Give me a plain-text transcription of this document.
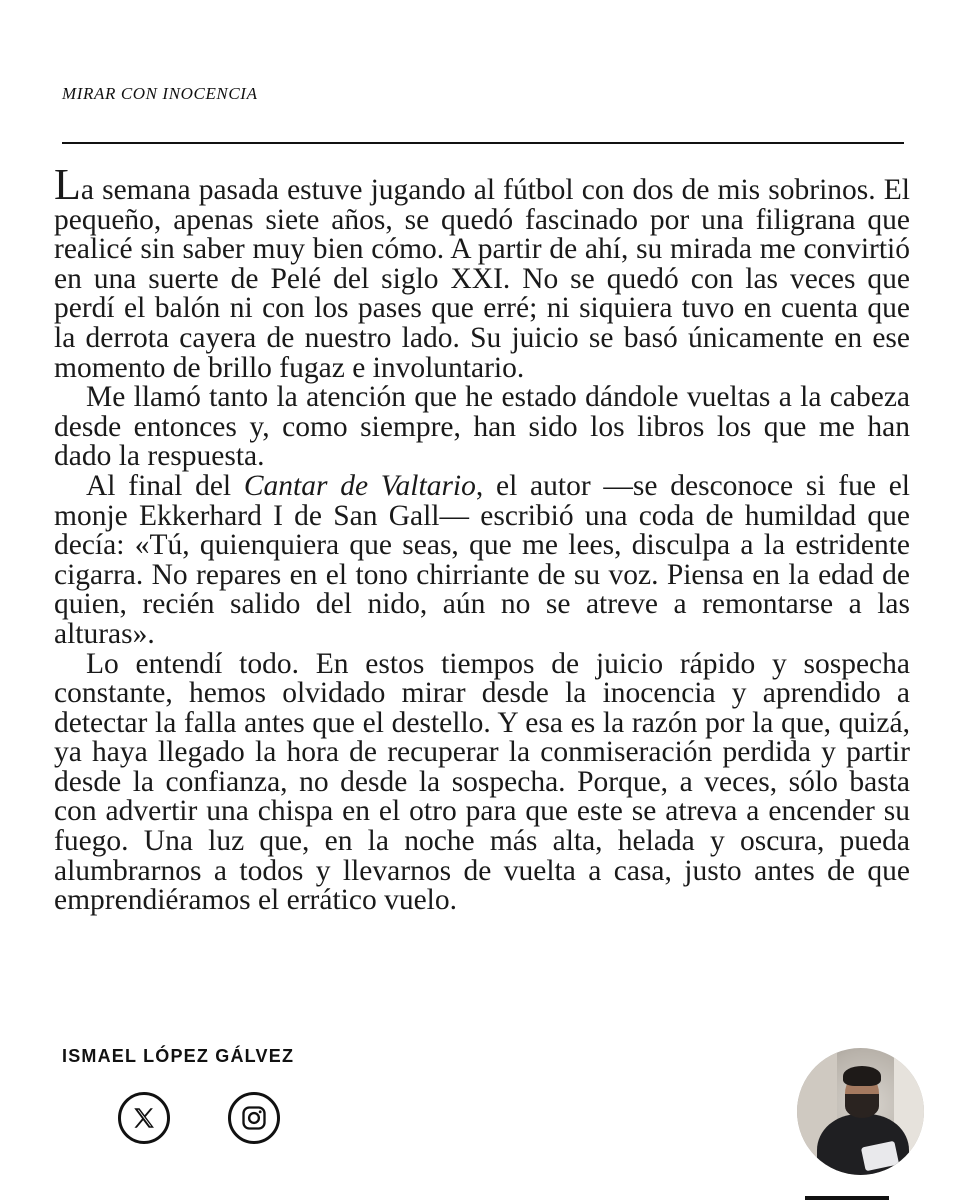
MIRAR CON INOCENCIA

La semana pasada estuve jugando al fútbol con dos de mis sobrinos. El pequeño, apenas siete años, se quedó fascinado por una filigrana que realicé sin saber muy bien cómo. A partir de ahí, su mirada me convirtió en una suerte de Pelé del siglo XXI. No se quedó con las veces que perdí el balón ni con los pases que erré; ni siquiera tuvo en cuenta que la derrota cayera de nuestro lado. Su juicio se basó únicamente en ese momento de brillo fugaz e involuntario.

Me llamó tanto la atención que he estado dándole vueltas a la cabeza desde entonces y, como siempre, han sido los libros los que me han dado la respuesta.

Al final del Cantar de Valtario, el autor —se desconoce si fue el monje Ekkerhard I de San Gall— escribió una coda de humildad que decía: «Tú, quienquiera que seas, que me lees, disculpa a la estridente cigarra. No repares en el tono chirriante de su voz. Piensa en la edad de quien, recién salido del nido, aún no se atreve a remontarse a las alturas».

Lo entendí todo. En estos tiempos de juicio rápido y sospecha constante, hemos olvidado mirar desde la inocencia y aprendido a detectar la falla antes que el destello. Y esa es la razón por la que, quizá, ya haya llegado la hora de recuperar la conmiseración perdida y partir desde la confianza, no desde la sospecha. Porque, a veces, sólo basta con advertir una chispa en el otro para que este se atreva a encender su fuego. Una luz que, en la noche más alta, helada y oscura, pueda alumbrarnos a todos y llevarnos de vuelta a casa, justo antes de que emprendiéramos el errático vuelo.

ISMAEL LÓPEZ GÁLVEZ
